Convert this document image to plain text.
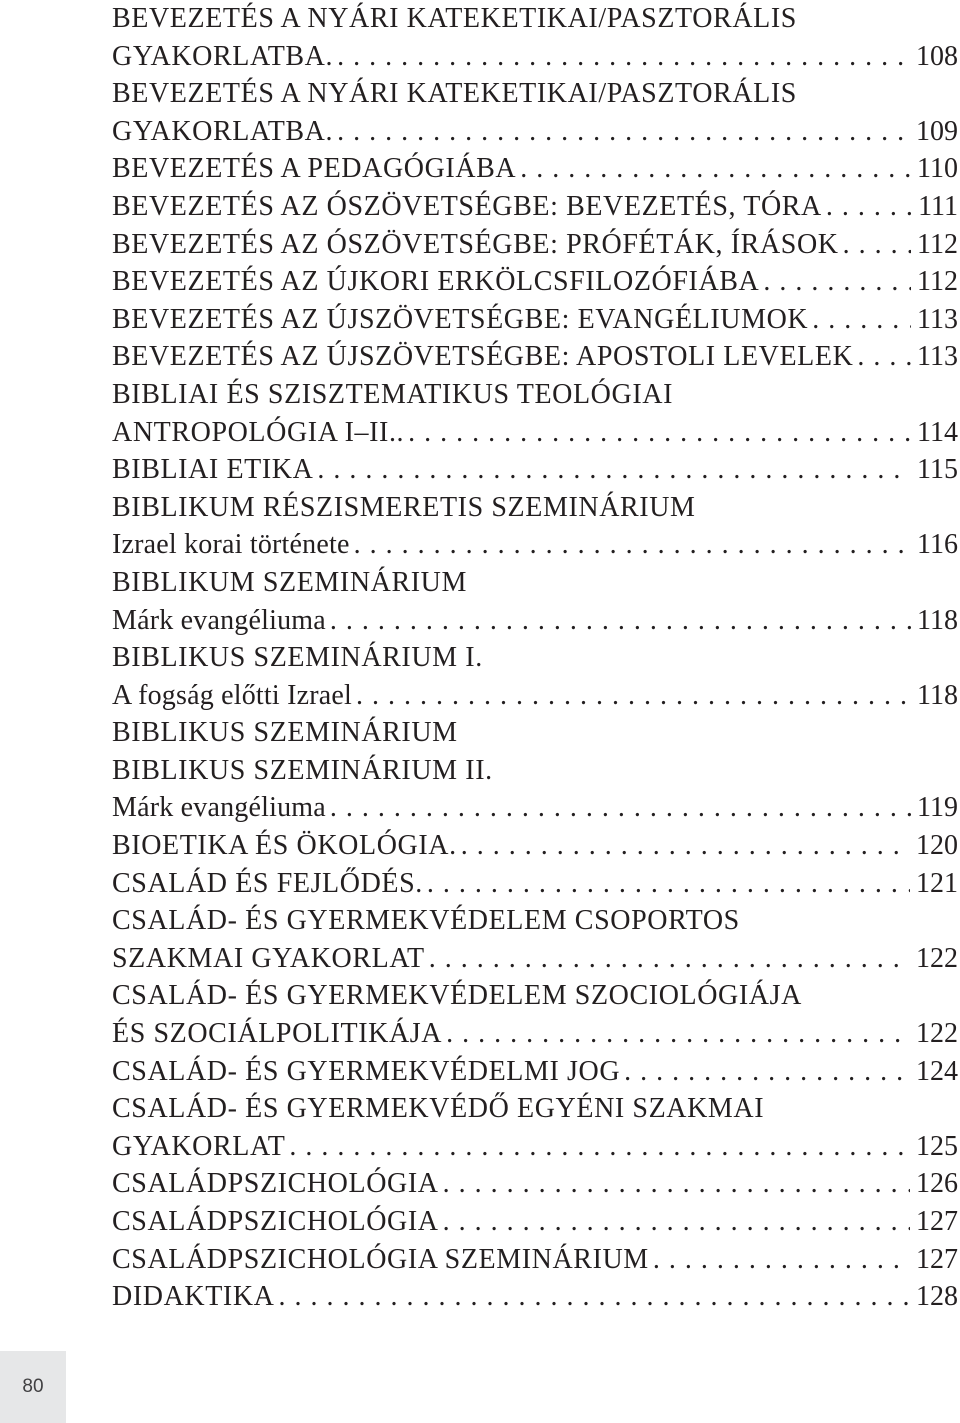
BEVEZETÉS A NYÁRI KATEKETIKAI/PASZTORÁLIS
GYAKORLATBA. . . .	108
BEVEZETÉS A NYÁRI KATEKETIKAI/PASZTORÁLIS
GYAKORLATBA. . . .	109
BEVEZETÉS A PEDAGÓGIÁBA . . .	110
BEVEZETÉS AZ ÓSZÖVETSÉGBE: BEVEZETÉS, TÓRA . . .	111
BEVEZETÉS AZ ÓSZÖVETSÉGBE: PRÓFÉTÁK, ÍRÁSOK . . .	112
BEVEZETÉS AZ ÚJKORI ERKÖLCSFILOZÓFIÁBA . . .	112
BEVEZETÉS AZ ÚJSZÖVETSÉGBE: EVANGÉLIUMOK . . .	113
BEVEZETÉS AZ ÚJSZÖVETSÉGBE: APOSTOLI LEVELEK . . . 113
BIBLIAI ÉS SZISZTEMATIKUS TEOLÓGIAI
ANTROPOLÓGIA I–II.. . . .	114
BIBLIAI ETIKA . . .	115
BIBLIKUM RÉSZISMERETIS SZEMINÁRIUM
Izrael korai története . . .	116
BIBLIKUM SZEMINÁRIUM
Márk evangéliuma . . .	118
BIBLIKUS SZEMINÁRIUM I.
A fogság előtti Izrael . . .	118
BIBLIKUS SZEMINÁRIUM
BIBLIKUS SZEMINÁRIUM II.
Márk evangéliuma . . .	119
BIOETIKA ÉS ÖKOLÓGIA. . . .	120
CSALÁD ÉS FEJLŐDÉS. . . .	121
CSALÁD- ÉS GYERMEKVÉDELEM CSOPORTOS
SZAKMAI GYAKORLAT . . .	122
CSALÁD- ÉS GYERMEKVÉDELEM SZOCIOLÓGIÁJA
ÉS SZOCIÁLPOLITIKÁJA . . .	122
CSALÁD- ÉS GYERMEKVÉDELMI JOG . . .	124
CSALÁD- ÉS GYERMEKVÉDŐ EGYÉNI SZAKMAI
GYAKORLAT . . .	125
CSALÁDPSZICHOLÓGIA . . .	126
CSALÁDPSZICHOLÓGIA . . .	127
CSALÁDPSZICHOLÓGIA SZEMINÁRIUM . . .	127
DIDAKTIKA . . .	128
80
